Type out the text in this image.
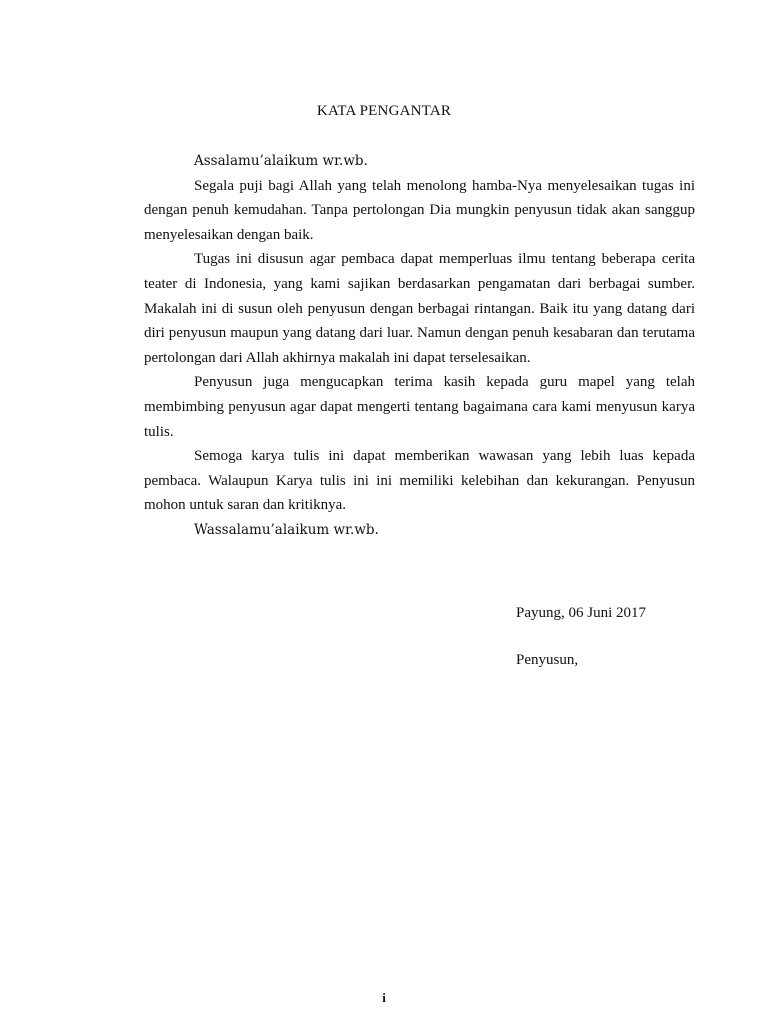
KATA PENGANTAR

Assalamu’alaikum wr.wb.

Segala puji bagi Allah yang telah menolong hamba-Nya menyelesaikan tugas ini dengan penuh kemudahan. Tanpa pertolongan Dia mungkin penyusun tidak akan sanggup menyelesaikan dengan baik.

Tugas ini disusun agar pembaca dapat memperluas ilmu tentang beberapa cerita teater di Indonesia, yang kami sajikan berdasarkan pengamatan dari berbagai sumber. Makalah ini di susun oleh penyusun dengan berbagai rintangan. Baik itu yang datang dari diri penyusun maupun yang datang dari luar. Namun dengan penuh kesabaran dan terutama pertolongan dari Allah akhirnya makalah ini dapat terselesaikan.

Penyusun juga mengucapkan terima kasih kepada guru mapel yang telah membimbing penyusun agar dapat mengerti tentang bagaimana cara kami menyusun karya tulis.

Semoga karya tulis ini dapat memberikan wawasan yang lebih luas kepada pembaca. Walaupun Karya tulis ini ini memiliki kelebihan dan kekurangan. Penyusun mohon untuk saran dan kritiknya.

Wassalamu’alaikum wr.wb.

Payung, 06 Juni 2017
Penyusun,
i
